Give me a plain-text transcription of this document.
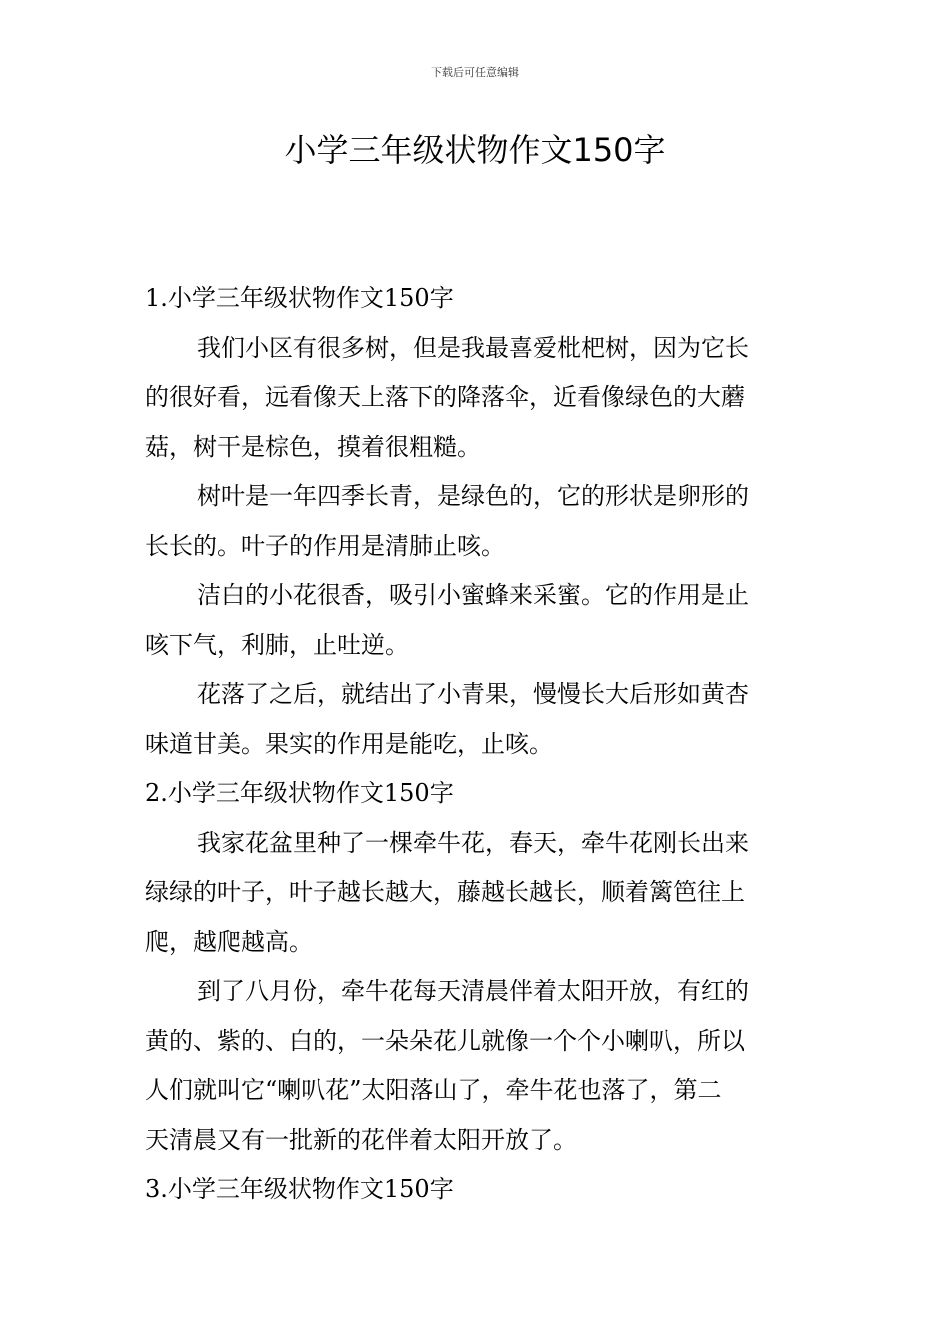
下载后可任意编辑
小学三年级状物作文150字

1.小学三年级状物作文150字

我们小区有很多树，但是我最喜爱枇杷树，因为它长

的很好看，远看像天上落下的降落伞，近看像绿色的大蘑

菇，树干是棕色，摸着很粗糙。

树叶是一年四季长青，是绿色的，它的形状是卵形的

长长的。叶子的作用是清肺止咳。

洁白的小花很香，吸引小蜜蜂来采蜜。它的作用是止

咳下气，利肺，止吐逆。

花落了之后，就结出了小青果，慢慢长大后形如黄杏

味道甘美。果实的作用是能吃，止咳。

2.小学三年级状物作文150字

我家花盆里种了一棵牵牛花，春天，牵牛花刚长出来

绿绿的叶子，叶子越长越大，藤越长越长，顺着篱笆往上

爬，越爬越高。

到了八月份，牵牛花每天清晨伴着太阳开放，有红的

黄的、紫的、白的，一朵朵花儿就像一个个小喇叭，所以

人们就叫它“喇叭花”太阳落山了，牵牛花也落了，第二

天清晨又有一批新的花伴着太阳开放了。

3.小学三年级状物作文150字
